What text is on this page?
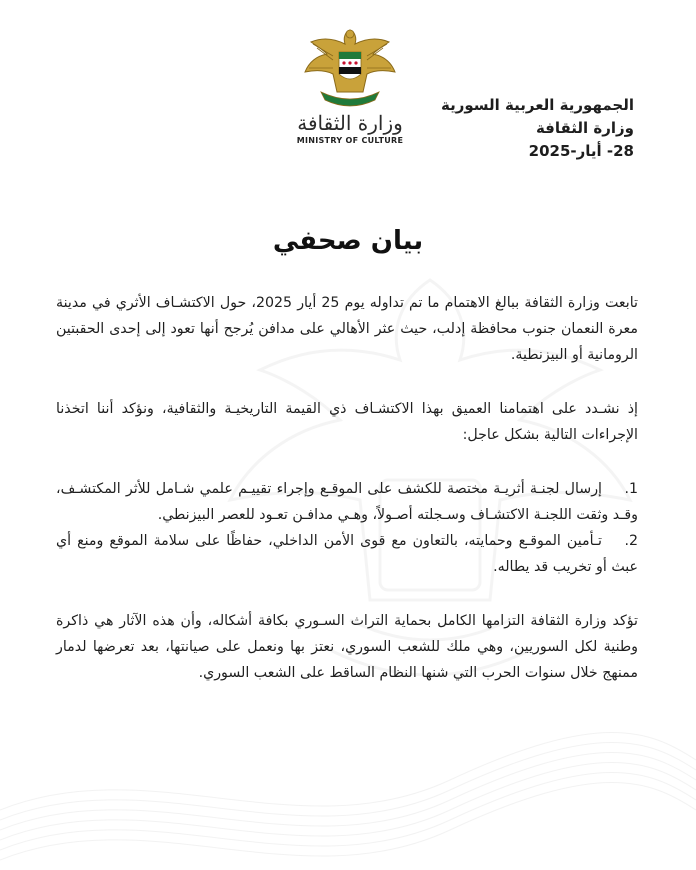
وزارة الثقافة
MINISTRY OF CULTURE
الجمهورية العربية السورية
وزارة الثقافة
28- أيار-2025
بيان صحفي

تابعت وزارة الثقافة ببالغ الاهتمام ما تم تداوله يوم 25 أيار 2025، حول الاكتشـاف الأثري في مدينة معرة النعمان جنوب محافظة إدلب، حيث عثر الأهالي على مدافن يُرجح أنها تعود إلى إحدى الحقبتين الرومانية أو البيزنطية.

إذ نشـدد على اهتمامنا العميق بهذا الاكتشـاف ذي القيمة التاريخيـة والثقافية، ونؤكد أننا اتخذنا الإجراءات التالية بشكل عاجل:

1.إرسال لجنـة أثريـة مختصة للكشف على الموقـع وإجراء تقييـم علمي شـامل للأثر المكتشـف، وقـد وثقت اللجنـة الاكتشـاف وسـجلته أصـولاً، وهـي مدافـن تعـود للعصر البيزنطي.
2.تـأمين الموقـع وحمايته، بالتعاون مع قوى الأمن الداخلي، حفاظًا على سلامة الموقع ومنع أي عبث أو تخريب قد يطاله.

تؤكد وزارة الثقافة التزامها الكامل بحماية التراث السـوري بكافة أشكاله، وأن هذه الآثار هي ذاكرة وطنية لكل السوريين، وهي ملك للشعب السوري، نعتز بها ونعمل على صيانتها، بعد تعرضها لدمار ممنهج خلال سنوات الحرب التي شنها النظام الساقط على الشعب السوري.
